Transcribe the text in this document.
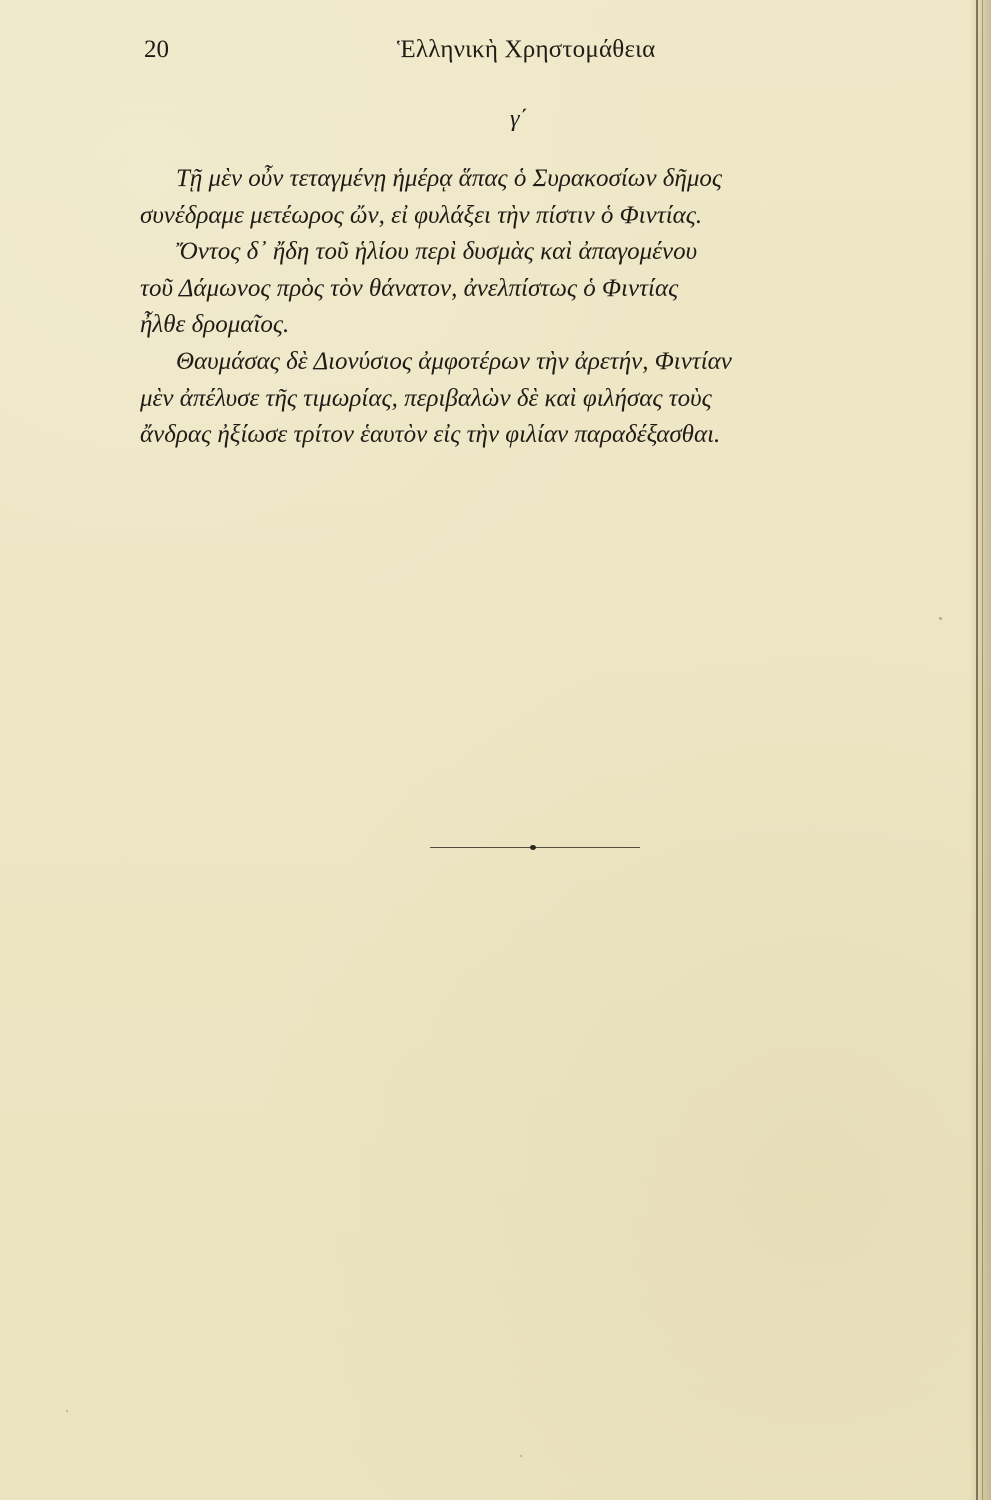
20	Ἑλληνικὴ Χρηστομάθεια
γ΄

Τῇ μὲν οὖν τεταγμένῃ ἡμέρᾳ ἅπας ὁ Συρακοσίων δῆμος
συνέδραμε μετέωρος ὤν, εἰ φυλάξει τὴν πίστιν ὁ Φιντίας.

Ὄντος δ᾽ ἤδη τοῦ ἡλίου περὶ δυσμὰς καὶ ἀπαγομένου
τοῦ Δάμωνος πρὸς τὸν θάνατον, ἀνελπίστως ὁ Φιντίας
ἦλθε δρομαῖος.

Θαυμάσας δὲ Διονύσιος ἀμφοτέρων τὴν ἀρετήν, Φιντίαν
μὲν ἀπέλυσε τῆς τιμωρίας, περιβαλὼν δὲ καὶ φιλήσας τοὺς
ἄνδρας ἠξίωσε τρίτον ἑαυτὸν εἰς τὴν φιλίαν παραδέξασθαι.
